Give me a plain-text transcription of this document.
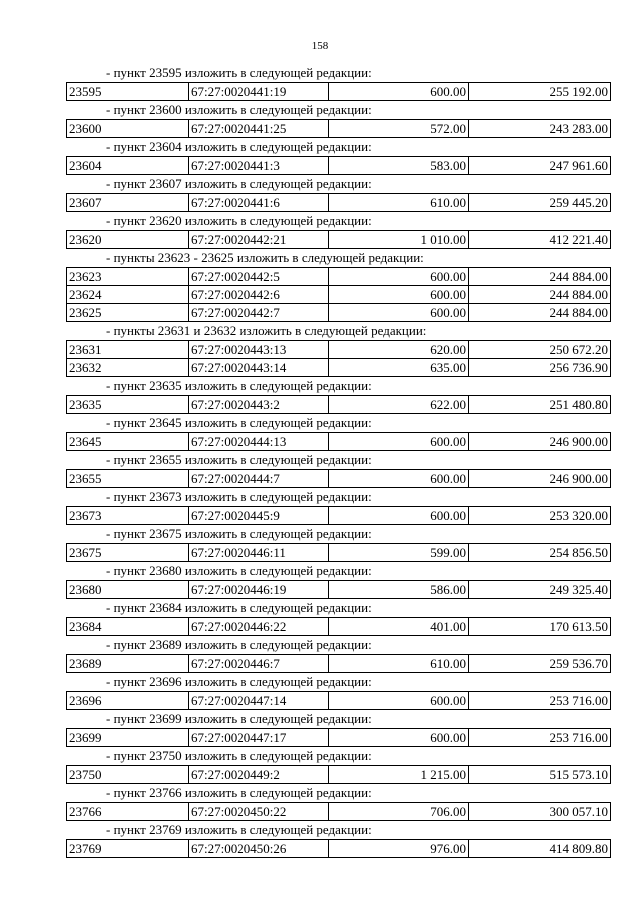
158
- пункт 23595 изложить в следующей редакции:
23595	67:27:0020441:19	600.00	255 192.00
- пункт 23600 изложить в следующей редакции:
23600	67:27:0020441:25	572.00	243 283.00
- пункт 23604 изложить в следующей редакции:
23604	67:27:0020441:3	583.00	247 961.60
- пункт 23607 изложить в следующей редакции:
23607	67:27:0020441:6	610.00	259 445.20
- пункт 23620 изложить в следующей редакции:
23620	67:27:0020442:21	1 010.00	412 221.40
- пункты 23623 - 23625 изложить в следующей редакции:
23623	67:27:0020442:5	600.00	244 884.00
23624	67:27:0020442:6	600.00	244 884.00
23625	67:27:0020442:7	600.00	244 884.00
- пункты 23631 и 23632 изложить в следующей редакции:
23631	67:27:0020443:13	620.00	250 672.20
23632	67:27:0020443:14	635.00	256 736.90
- пункт 23635 изложить в следующей редакции:
23635	67:27:0020443:2	622.00	251 480.80
- пункт 23645 изложить в следующей редакции:
23645	67:27:0020444:13	600.00	246 900.00
- пункт 23655 изложить в следующей редакции:
23655	67:27:0020444:7	600.00	246 900.00
- пункт 23673 изложить в следующей редакции:
23673	67:27:0020445:9	600.00	253 320.00
- пункт 23675 изложить в следующей редакции:
23675	67:27:0020446:11	599.00	254 856.50
- пункт 23680 изложить в следующей редакции:
23680	67:27:0020446:19	586.00	249 325.40
- пункт 23684 изложить в следующей редакции:
23684	67:27:0020446:22	401.00	170 613.50
- пункт 23689 изложить в следующей редакции:
23689	67:27:0020446:7	610.00	259 536.70
- пункт 23696 изложить в следующей редакции:
23696	67:27:0020447:14	600.00	253 716.00
- пункт 23699 изложить в следующей редакции:
23699	67:27:0020447:17	600.00	253 716.00
- пункт 23750 изложить в следующей редакции:
23750	67:27:0020449:2	1 215.00	515 573.10
- пункт 23766 изложить в следующей редакции:
23766	67:27:0020450:22	706.00	300 057.10
- пункт 23769 изложить в следующей редакции:
23769	67:27:0020450:26	976.00	414 809.80
